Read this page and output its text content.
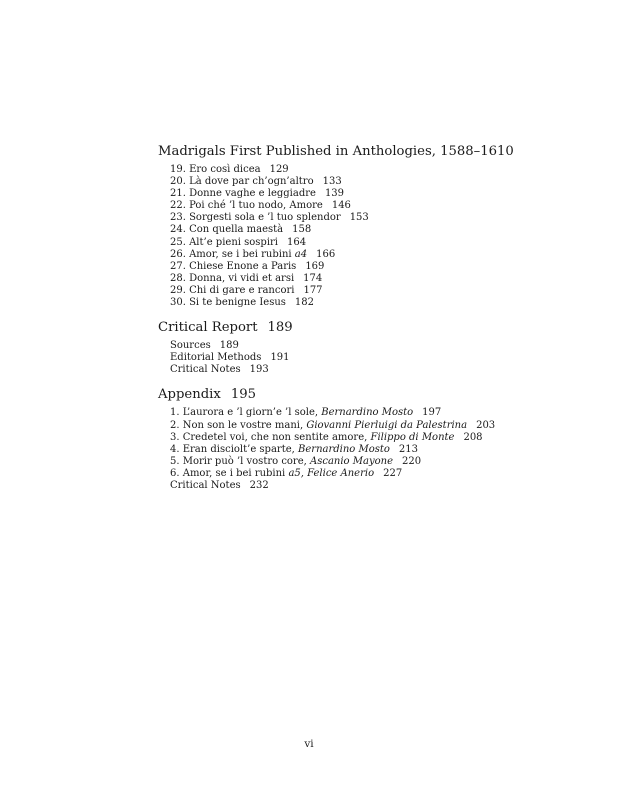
Madrigals First Published in Anthologies, 1588–1610
19. Ero così dicea 129
20. Là dove par ch’ogn’altro 133
21. Donne vaghe e leggiadre 139
22. Poi ché ’l tuo nodo, Amore 146
23. Sorgesti sola e ’l tuo splendor 153
24. Con quella maestà 158
25. Alt’e pieni sospiri 164
26. Amor, se i bei rubini a4 166
27. Chiese Enone a Paris 169
28. Donna, vi vidi et arsi 174
29. Chi di gare e rancori 177
30. Si te benigne Iesus 182
Critical Report 189
Sources 189
Editorial Methods 191
Critical Notes 193
Appendix 195
1. L’aurora e ’l giorn’e ’l sole, Bernardino Mosto 197
2. Non son le vostre mani, Giovanni Pierluigi da Palestrina 203
3. Credetel voi, che non sentite amore, Filippo di Monte 208
4. Eran disciolt’e sparte, Bernardino Mosto 213
5. Morir può ’l vostro core, Ascanio Mayone 220
6. Amor, se i bei rubini a5, Felice Anerio 227
Critical Notes 232
vi
